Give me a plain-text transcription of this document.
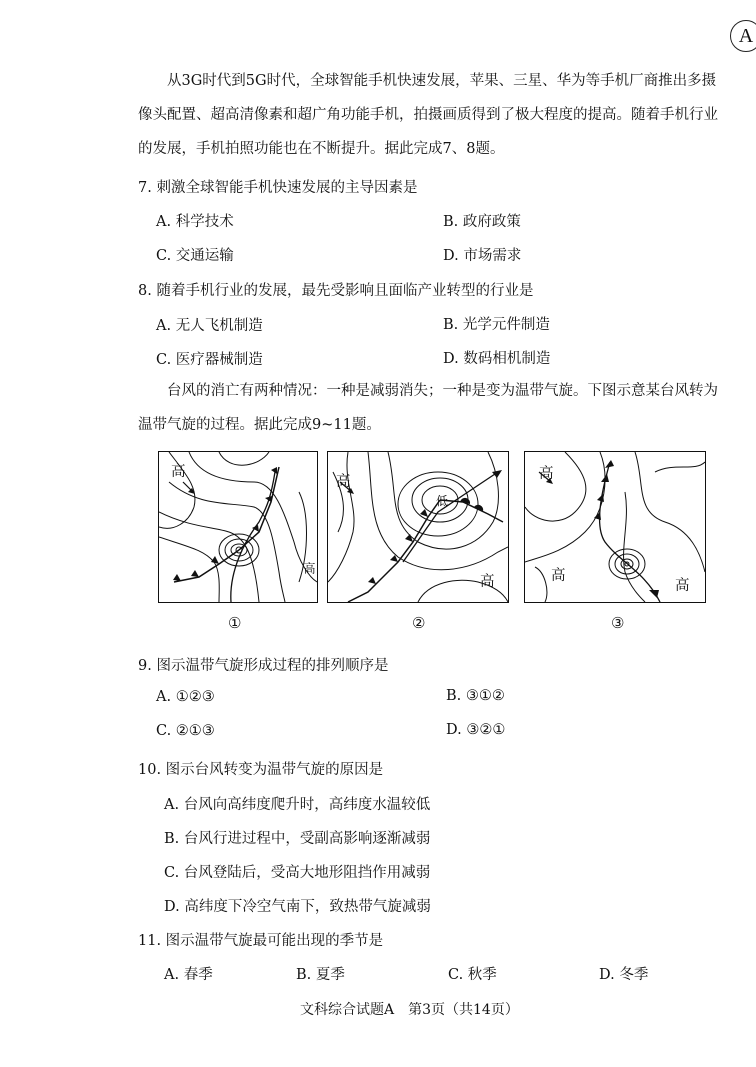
A
从3G时代到5G时代，全球智能手机快速发展，苹果、三星、华为等手机厂商推出多摄像头配置、超高清像素和超广角功能手机，拍摄画质得到了极大程度的提高。随着手机行业的发展，手机拍照功能也在不断提升。据此完成7、8题。
7. 刺激全球智能手机快速发展的主导因素是
A. 科学技术	B. 政府政策
C. 交通运输	D. 市场需求
8. 随着手机行业的发展，最先受影响且面临产业转型的行业是
A. 无人飞机制造	B. 光学元件制造
C. 医疗器械制造	D. 数码相机制造
台风的消亡有两种情况：一种是减弱消失；一种是变为温带气旋。下图示意某台风转为温带气旋的过程。据此完成9~11题。
高
高
高
低
高
高
高
高
①	②	③
9. 图示温带气旋形成过程的排列顺序是
A. ①②③	B. ③①②
C. ②①③	D. ③②①
10. 图示台风转变为温带气旋的原因是
A. 台风向高纬度爬升时，高纬度水温较低
B. 台风行进过程中，受副高影响逐渐减弱
C. 台风登陆后，受高大地形阻挡作用减弱
D. 高纬度下冷空气南下，致热带气旋减弱
11. 图示温带气旋最可能出现的季节是
A. 春季	B. 夏季	C. 秋季	D. 冬季
文科综合试题A　第3页（共14页）
